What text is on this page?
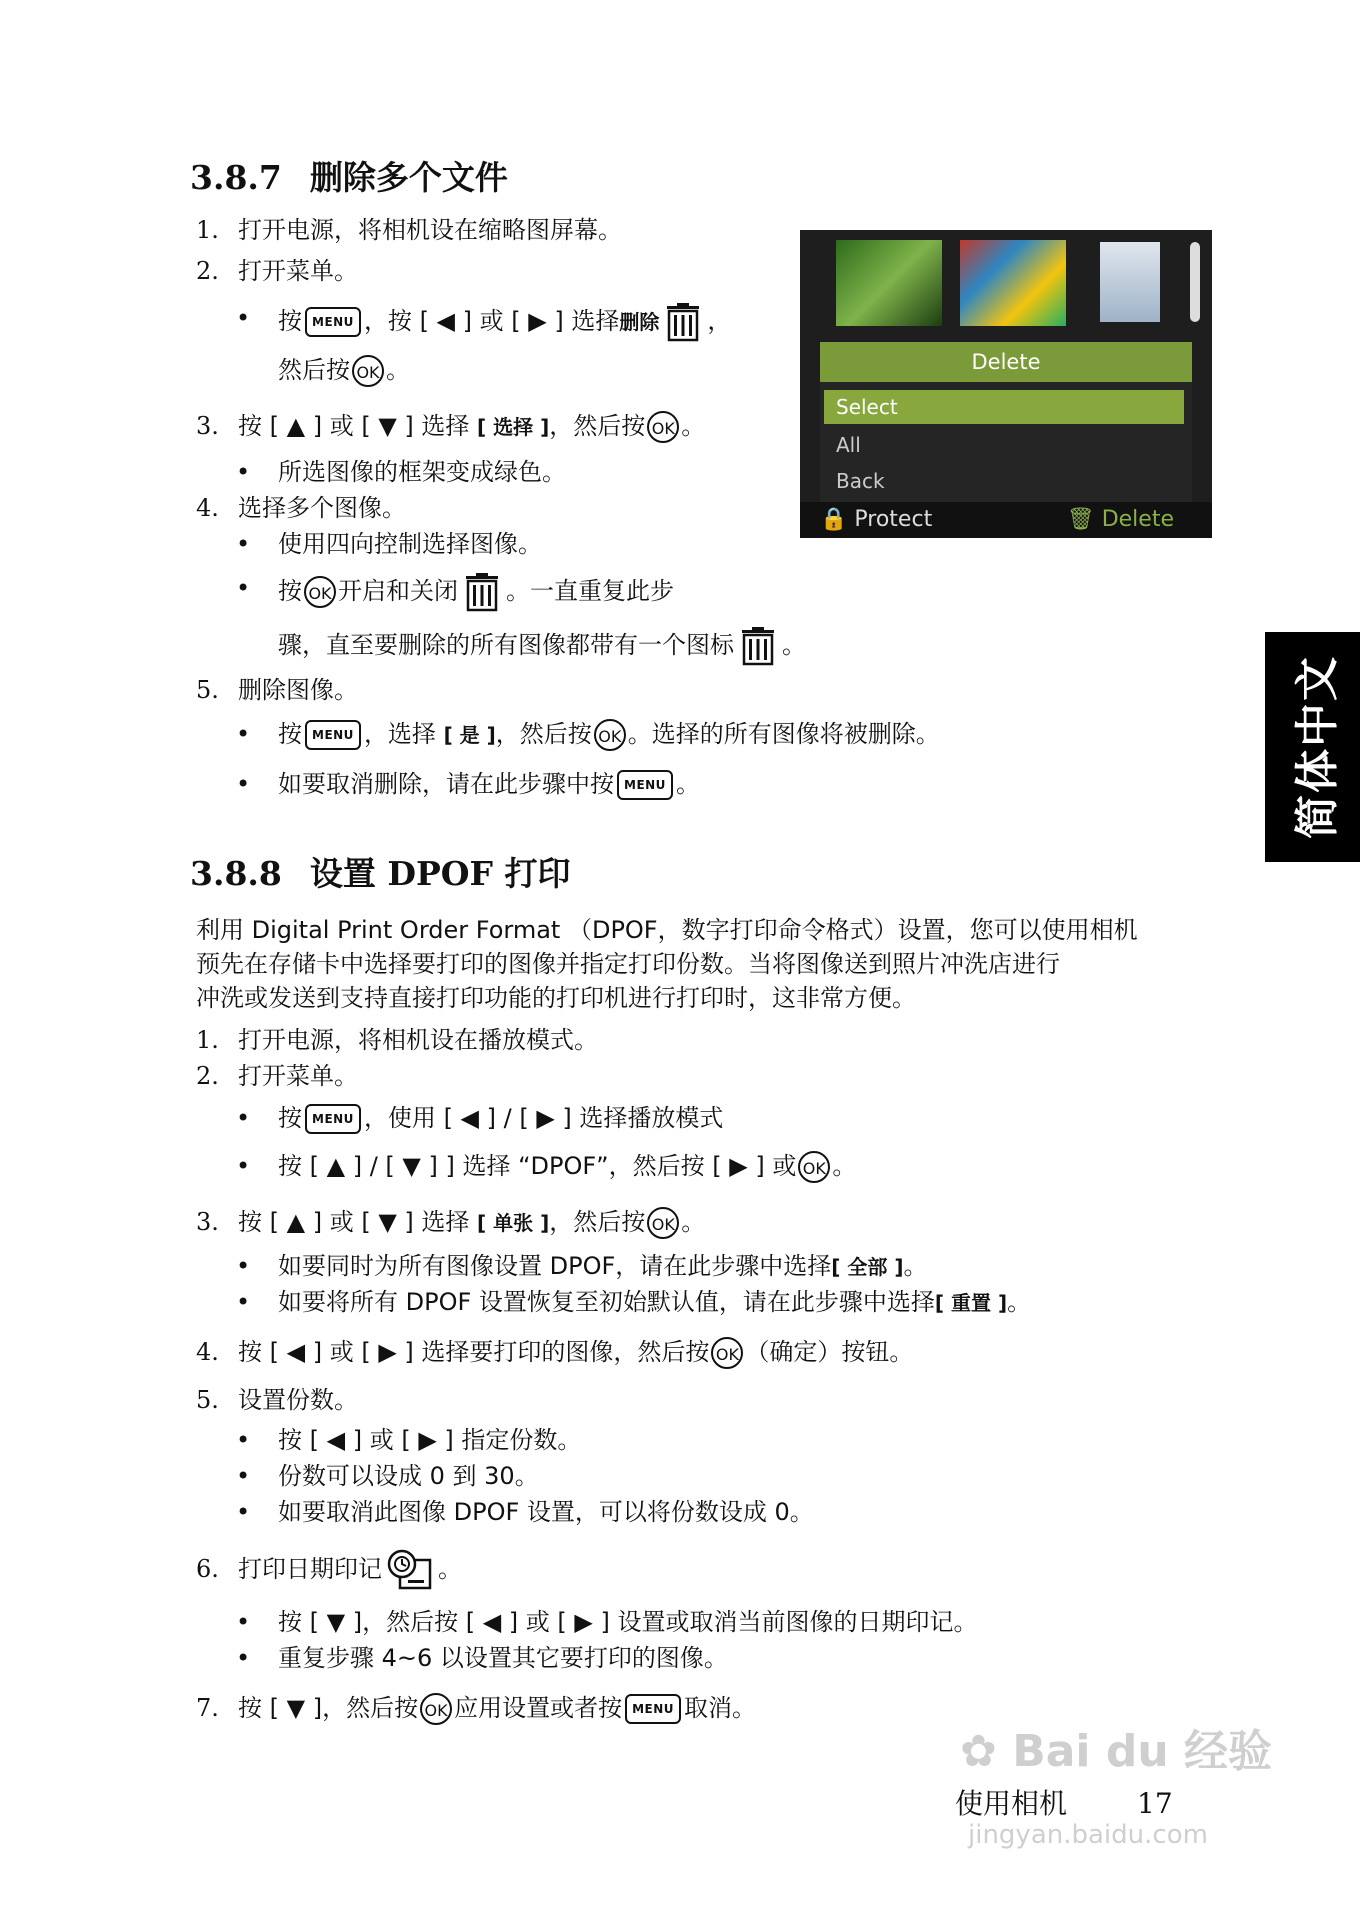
3.8.7 删除多个文件
1. 打开电源，将相机设在缩略图屏幕。
2. 打开菜单。
• 按 MENU ，按 [ ◀ ] 或 [ ▶ ] 选择删除 ，
然后按 OK 。
3. 按 [ ▲ ] 或 [ ▼ ] 选择 [ 选择 ]，然后按 OK 。
• 所选图像的框架变成绿色。
4. 选择多个图像。
• 使用四向控制选择图像。
• 按 OK 开启和关闭 。一直重复此步
骤，直至要删除的所有图像都带有一个图标 。
5. 删除图像。
• 按 MENU ，选择 [ 是 ]，然后按 OK 。选择的所有图像将被删除。
• 如要取消删除，请在此步骤中按 MENU 。
Delete
Select
All
Back
🔒 Protect	🗑 Delete
简体中文
3.8.8 设置 DPOF 打印
利用 Digital Print Order Format （DPOF，数字打印命令格式）设置，您可以使用相机
预先在存储卡中选择要打印的图像并指定打印份数。当将图像送到照片冲洗店进行
冲洗或发送到支持直接打印功能的打印机进行打印时，这非常方便。
1. 打开电源，将相机设在播放模式。
2. 打开菜单。
• 按 MENU ，使用 [ ◀ ] / [ ▶ ] 选择播放模式
• 按 [ ▲ ] / [ ▼ ] ] 选择 “DPOF”，然后按 [ ▶ ] 或 OK 。
3. 按 [ ▲ ] 或 [ ▼ ] 选择 [ 单张 ]，然后按 OK 。
• 如要同时为所有图像设置 DPOF，请在此步骤中选择[ 全部 ]。
• 如要将所有 DPOF 设置恢复至初始默认值，请在此步骤中选择[ 重置 ]。
4. 按 [ ◀ ] 或 [ ▶ ] 选择要打印的图像，然后按 OK （确定）按钮。
5. 设置份数。
• 按 [ ◀ ] 或 [ ▶ ] 指定份数。
• 份数可以设成 0 到 30。
• 如要取消此图像 DPOF 设置，可以将份数设成 0。
6. 打印日期印记 。
• 按 [ ▼ ]，然后按 [ ◀ ] 或 [ ▶ ] 设置或取消当前图像的日期印记。
• 重复步骤 4~6 以设置其它要打印的图像。
7. 按 [ ▼ ]，然后按 OK 应用设置或者按 MENU 取消。
✿ Bai du 经验
jingyan.baidu.com
使用相机	17
